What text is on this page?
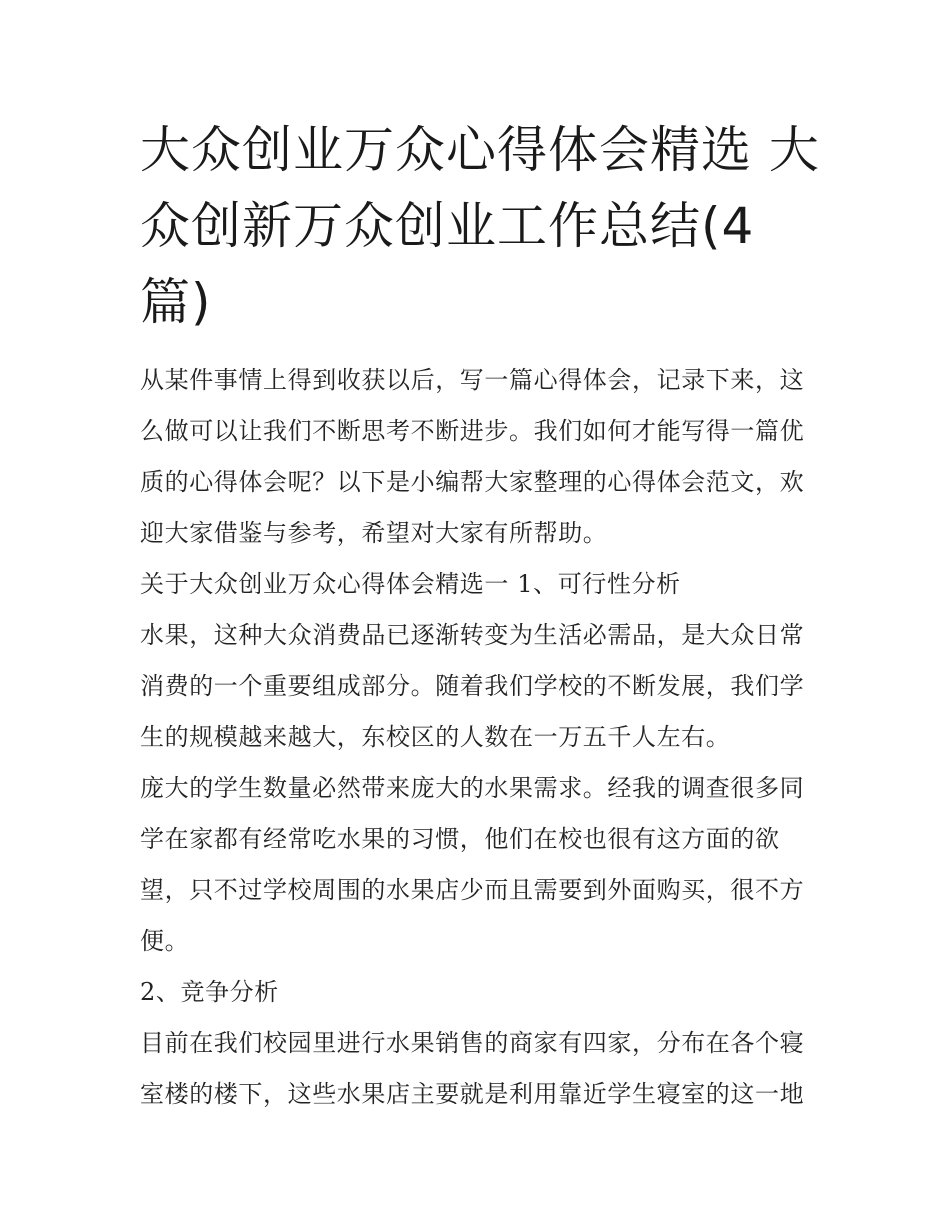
大众创业万众心得体会精选 大众创新万众创业工作总结(4篇)

从某件事情上得到收获以后，写一篇心得体会，记录下来，这么做可以让我们不断思考不断进步。我们如何才能写得一篇优质的心得体会呢？以下是小编帮大家整理的心得体会范文，欢迎大家借鉴与参考，希望对大家有所帮助。

关于大众创业万众心得体会精选一 1、可行性分析

水果，这种大众消费品已逐渐转变为生活必需品，是大众日常消费的一个重要组成部分。随着我们学校的不断发展，我们学生的规模越来越大，东校区的人数在一万五千人左右。

庞大的学生数量必然带来庞大的水果需求。经我的调查很多同学在家都有经常吃水果的习惯，他们在校也很有这方面的欲望，只不过学校周围的水果店少而且需要到外面购买，很不方便。

2、竞争分析

目前在我们校园里进行水果销售的商家有四家，分布在各个寝室楼的楼下，这些水果店主要就是利用靠近学生寝室的这一地
